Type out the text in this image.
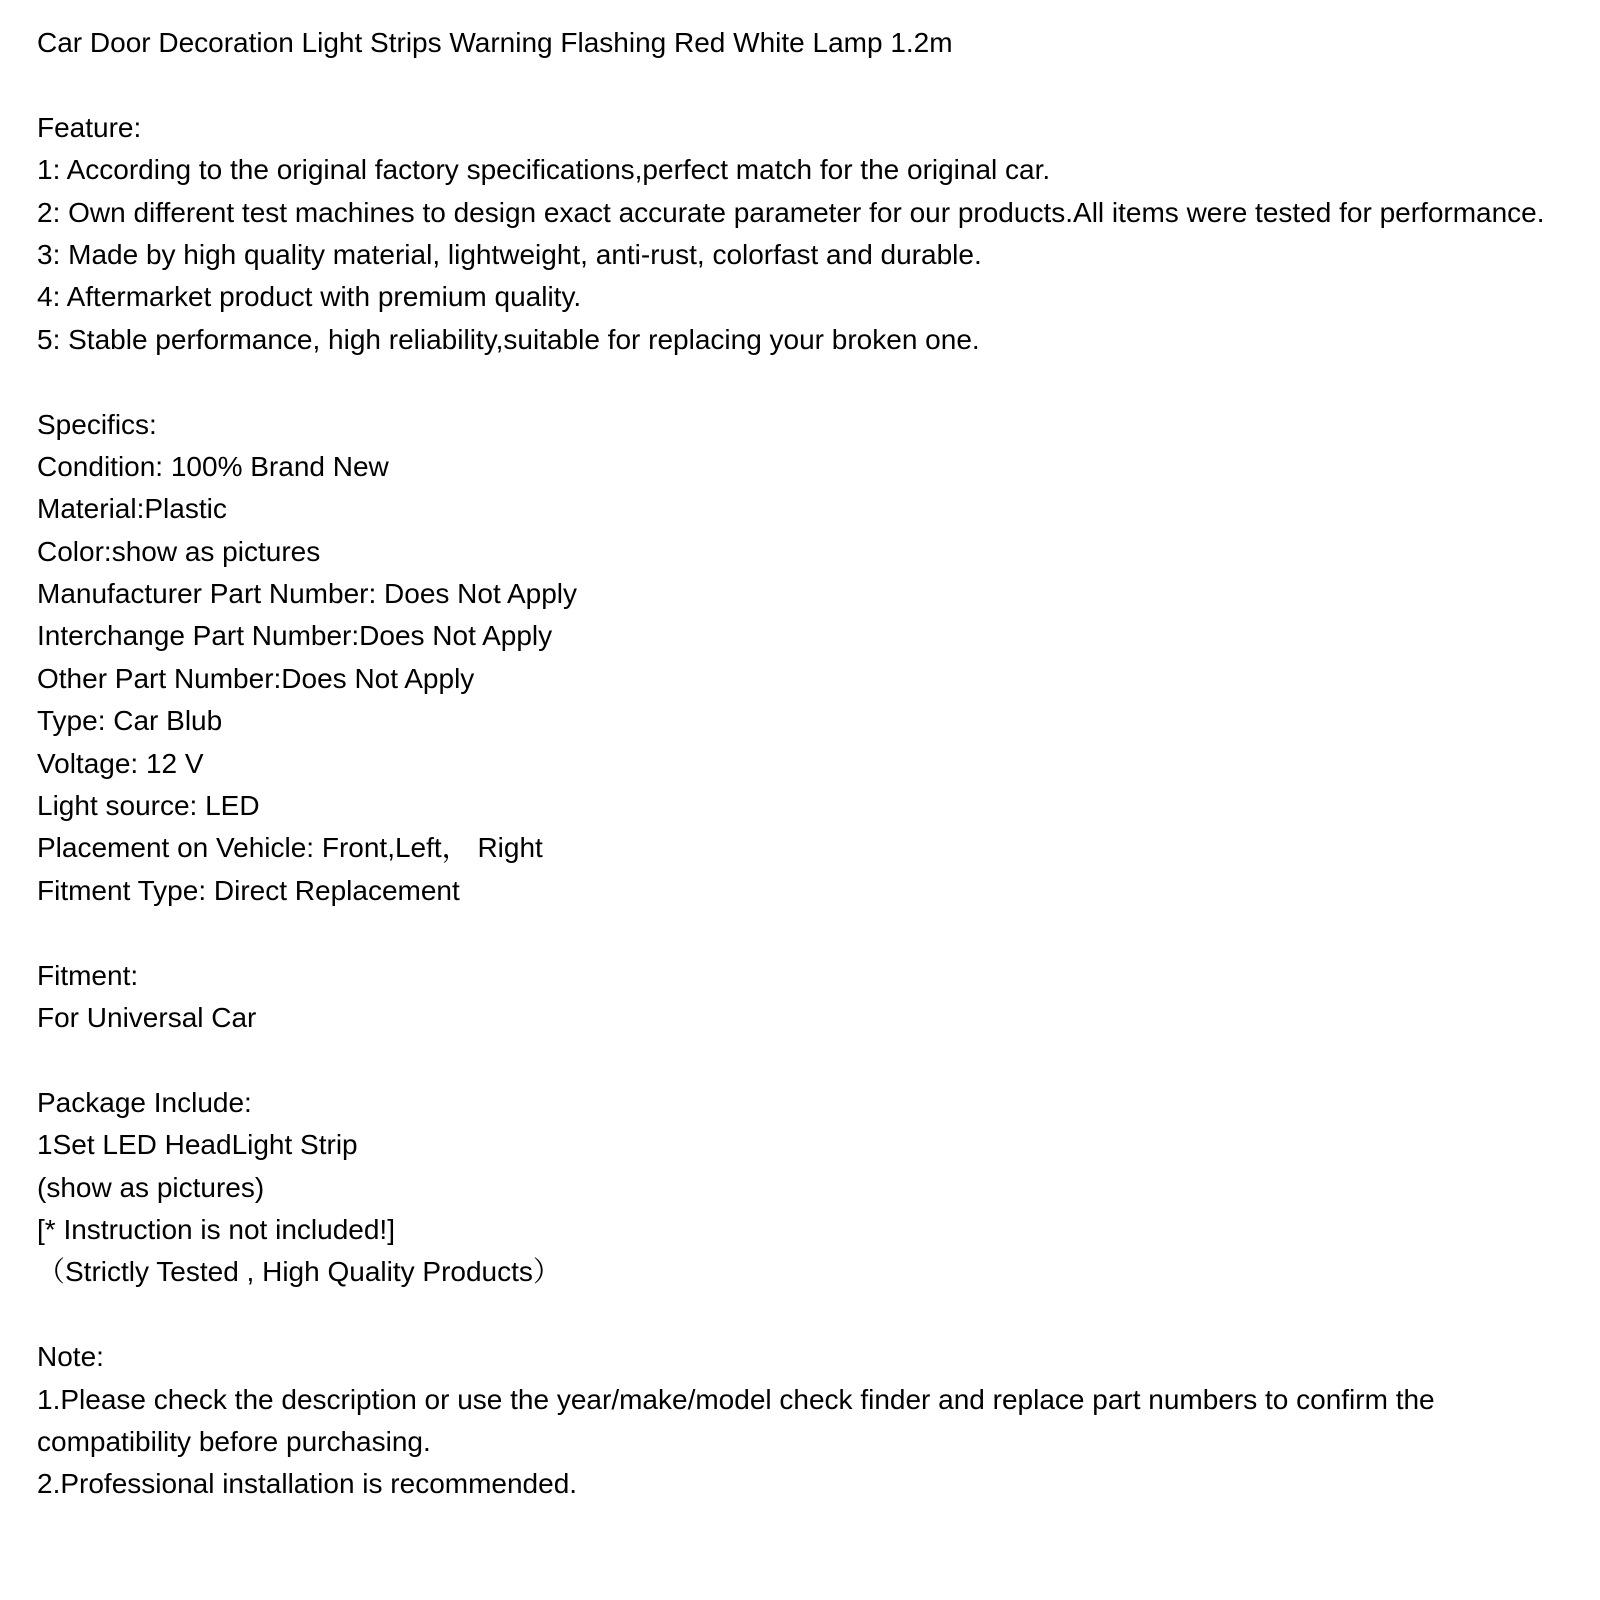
Car Door Decoration Light Strips Warning Flashing Red White Lamp 1.2m
Feature:
1: According to the original factory specifications,perfect match for the original car.
2: Own different test machines to design exact accurate parameter for our products.All items were tested for performance.
3: Made by high quality material, lightweight, anti-rust, colorfast and durable.
4: Aftermarket product with premium quality.
5: Stable performance, high reliability,suitable for replacing your broken one.
Specifics:
Condition: 100% Brand New
Material:Plastic
Color:show as pictures
Manufacturer Part Number: Does Not Apply
Interchange Part Number:Does Not Apply
Other Part Number:Does Not Apply
Type: Car Blub
Voltage: 12 V
Light source: LED
Placement on Vehicle: Front,Left， Right
Fitment Type: Direct Replacement
Fitment:
For Universal Car
Package Include:
1Set LED HeadLight Strip
(show as pictures)
[* Instruction is not included!]
（Strictly Tested , High Quality Products）
Note:
1.Please check the description or use the year/make/model check finder and replace part numbers to confirm the compatibility before purchasing.
2.Professional installation is recommended.
